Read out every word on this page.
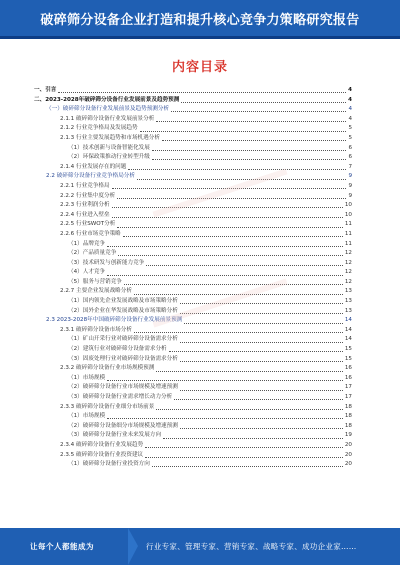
破碎筛分设备企业打造和提升核心竞争力策略研究报告
内容目录
一、引言	4
二、2023-2028年破碎筛分设备行业发展前景及趋势预测	4
（一）破碎筛分设备行业发展前景及趋势预测分析	4
2.1.1 破碎筛分设备行业发展前景分析	4
2.1.2 行业竞争格局及发展趋势	5
2.1.3 行业主要发展趋势和市场机遇分析	5
（1）技术创新与设备智能化发展	6
（2）环保政策推动行业转型升级	6
2.1.4 行业发展存在的问题	7
2.2 破碎筛分设备行业竞争格局分析	9
2.2.1 行业竞争格局	9
2.2.2 行业集中度分析	9
2.2.3 行业利润分析	10
2.2.4 行业进入壁垒	10
2.2.5 行业SWOT分析	11
2.2.6 行业市场竞争策略	11
（1）品牌竞争	11
（2）产品质量竞争	12
（3）技术研发与创新能力竞争	12
（4）人才竞争	12
（5）服务与营销竞争	12
2.2.7 主要企业发展战略分析	13
（1）国内领先企业发展战略及市场策略分析	13
（2）国外企业在华发展战略及市场策略分析	13
2.3 2023-2028年中国破碎筛分设备行业发展前景预测	14
2.3.1 破碎筛分设备市场分析	14
（1）矿山开采行业对破碎筛分设备需求分析	14
（2）建筑行业对破碎筛分设备需求分析	15
（3）固废处理行业对破碎筛分设备需求分析	15
2.3.2 破碎筛分设备行业市场规模预测	16
（1）市场规模	16
（2）破碎筛分设备行业市场规模及增速预测	17
（3）破碎筛分设备行业需求增长动力分析	17
2.3.3 破碎筛分设备行业细分市场前景	18
（1）市场规模	18
（2）破碎筛分设备细分市场规模及增速预测	18
（3）破碎筛分设备行业未来发展方向	19
2.3.4 破碎筛分设备行业发展趋势	20
2.3.5 破碎筛分设备行业投资建议	20
（1）破碎筛分设备行业投资方向	20
让每个人都能成为	行业专家、管理专家、营销专家、战略专家、成功企业家……
